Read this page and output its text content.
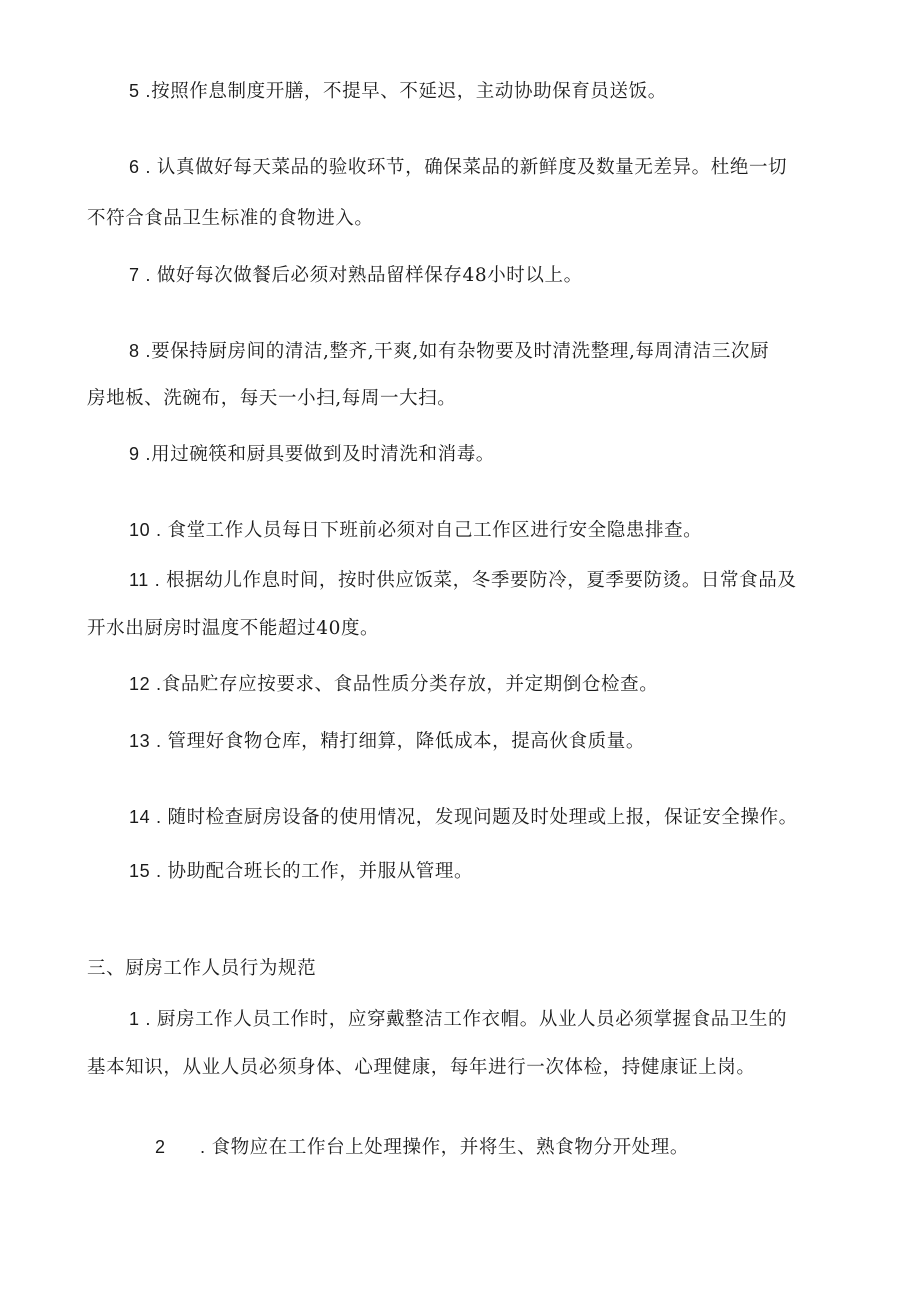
5 .按照作息制度开膳，不提早、不延迟，主动协助保育员送饭。
6 . 认真做好每天菜品的验收环节，确保菜品的新鲜度及数量无差异。杜绝一切
不符合食品卫生标准的食物进入。
7 . 做好每次做餐后必须对熟品留样保存48小时以上。
8 .要保持厨房间的清洁,整齐,干爽,如有杂物要及时清洗整理,每周清洁三次厨
房地板、洗碗布，每天一小扫,每周一大扫。
9 .用过碗筷和厨具要做到及时清洗和消毒。
10 . 食堂工作人员每日下班前必须对自己工作区进行安全隐患排查。
11 . 根据幼儿作息时间，按时供应饭菜，冬季要防冷，夏季要防烫。日常食品及
开水出厨房时温度不能超过40度。
12 .食品贮存应按要求、食品性质分类存放，并定期倒仓检查。
13 . 管理好食物仓库，精打细算，降低成本，提高伙食质量。
14 . 随时检查厨房设备的使用情况，发现问题及时处理或上报，保证安全操作。
15 . 协助配合班长的工作，并服从管理。
三、厨房工作人员行为规范
1 . 厨房工作人员工作时，应穿戴整洁工作衣帽。从业人员必须掌握食品卫生的
基本知识，从业人员必须身体、心理健康，每年进行一次体检，持健康证上岗。

2      . 食物应在工作台上处理操作，并将生、熟食物分开处理。
